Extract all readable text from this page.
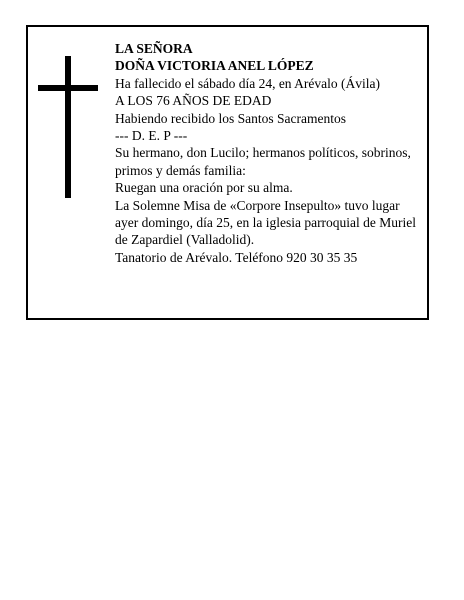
LA SEÑORA
DOÑA VICTORIA ANEL LÓPEZ
Ha fallecido el sábado día 24, en Arévalo (Ávila)
A LOS 76 AÑOS DE EDAD
Habiendo recibido los Santos Sacramentos
--- D. E. P ---
Su hermano, don Lucilo; hermanos políticos, sobrinos,
primos y demás familia:
Ruegan una oración por su alma.
La Solemne Misa de «Corpore Insepulto» tuvo lugar
ayer domingo, día 25, en la iglesia parroquial de Muriel
de Zapardiel (Valladolid).
Tanatorio de Arévalo. Teléfono 920 30 35 35
